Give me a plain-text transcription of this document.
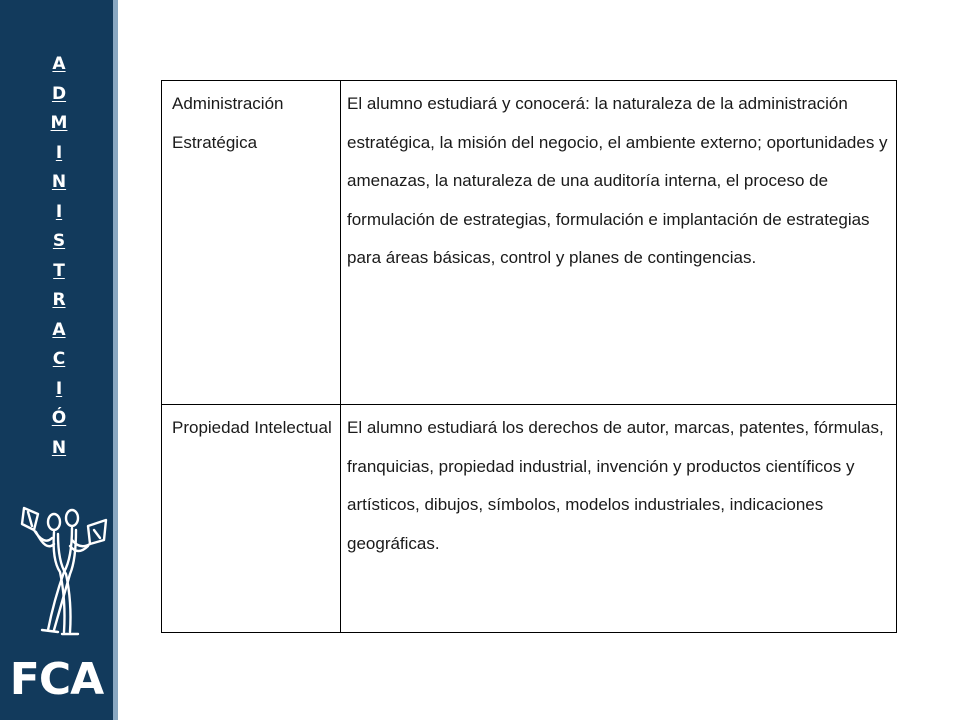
A
D
M
I
N
I
S
T
R
A
C
I
Ó
N
FCA
Administración Estratégica	El alumno estudiará y conocerá: la naturaleza de la administración estratégica, la misión del negocio, el ambiente externo; oportunidades y amenazas, la naturaleza de una auditoría interna, el proceso de formulación de estrategias, formulación e implantación de estrategias para áreas básicas, control y planes de contingencias.
Propiedad Intelectual	El alumno estudiará los derechos de autor, marcas, patentes, fórmulas, franquicias, propiedad industrial, invención y productos científicos y artísticos, dibujos, símbolos, modelos industriales, indicaciones geográficas.
